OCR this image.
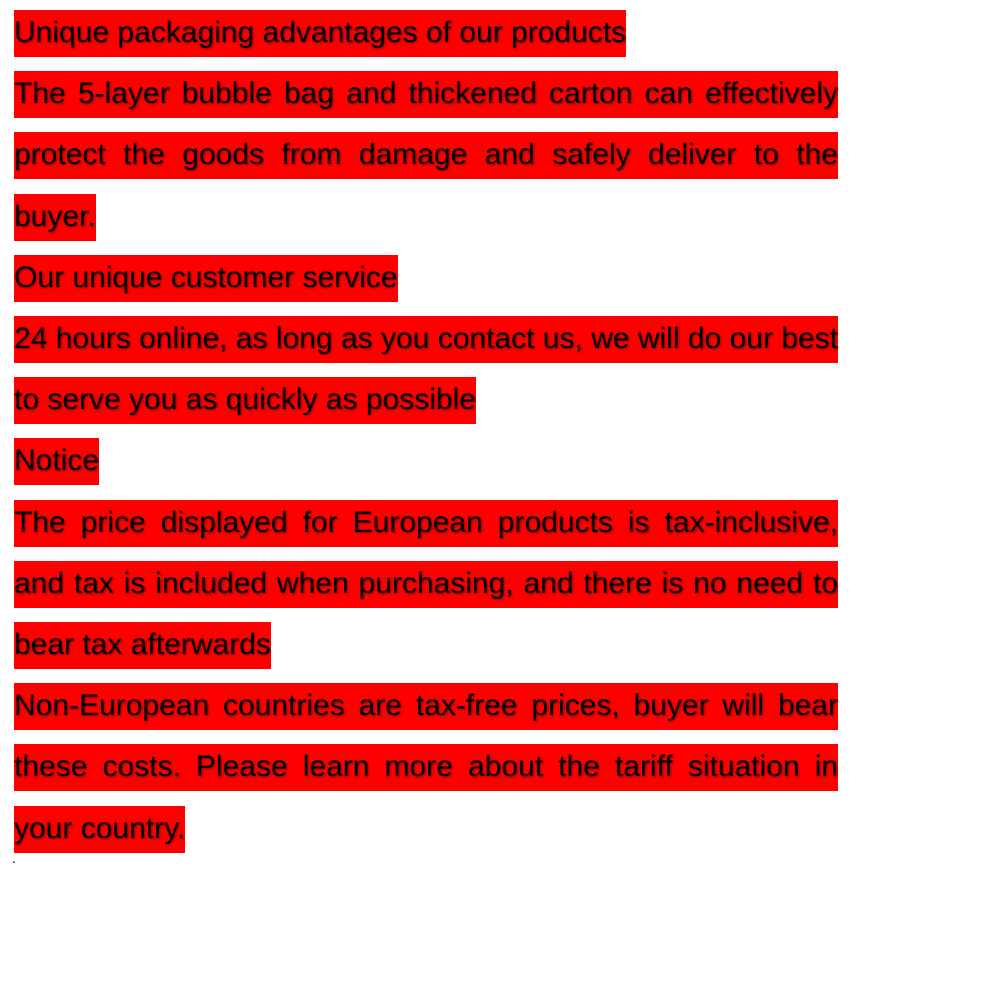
Unique packaging advantages of our products

The 5-layer bubble bag and thickened carton can effectively protect the goods from damage and safely deliver to the buyer.

Our unique customer service

24 hours online, as long as you contact us, we will do our best to serve you as quickly as possible

Notice

The price displayed for European products is tax-inclusive, and tax is included when purchasing, and there is no need to bear tax afterwards

Non-European countries are tax-free prices, buyer will bear these costs. Please learn more about the tariff situation in your country.

.
